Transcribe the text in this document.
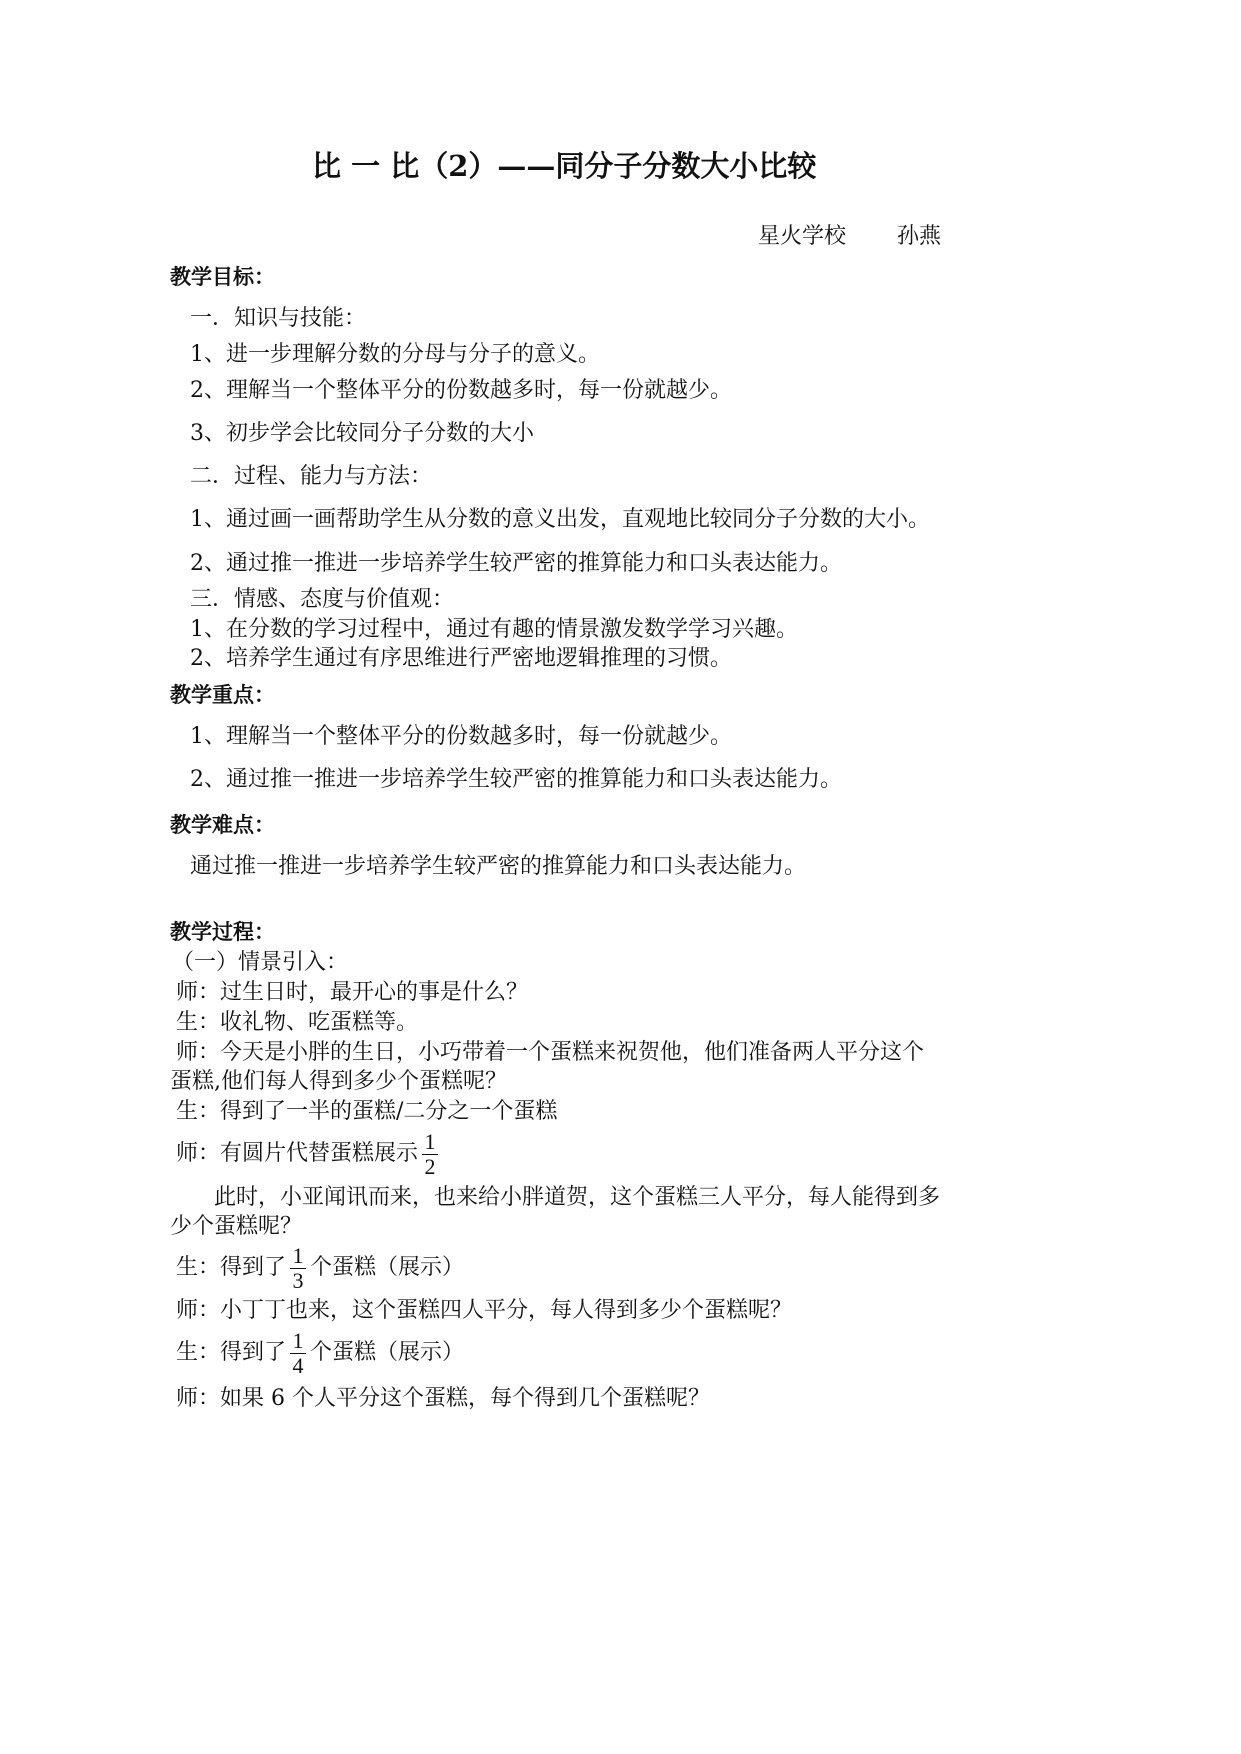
比 一 比（2）——同分子分数大小比较
星火学校 孙燕
教学目标：
一．知识与技能：
1、进一步理解分数的分母与分子的意义。
2、理解当一个整体平分的份数越多时，每一份就越少。
3、初步学会比较同分子分数的大小
二．过程、能力与方法：
1、通过画一画帮助学生从分数的意义出发，直观地比较同分子分数的大小。
2、通过推一推进一步培养学生较严密的推算能力和口头表达能力。
三．情感、态度与价值观：
1、在分数的学习过程中，通过有趣的情景激发数学学习兴趣。
2、培养学生通过有序思维进行严密地逻辑推理的习惯。
教学重点：
1、理解当一个整体平分的份数越多时，每一份就越少。
2、通过推一推进一步培养学生较严密的推算能力和口头表达能力。
教学难点：
通过推一推进一步培养学生较严密的推算能力和口头表达能力。
教学过程：
（一）情景引入：
师：过生日时，最开心的事是什么？
生：收礼物、吃蛋糕等。
师：今天是小胖的生日，小巧带着一个蛋糕来祝贺他，他们准备两人平分这个
蛋糕,他们每人得到多少个蛋糕呢？
生：得到了一半的蛋糕/二分之一个蛋糕
师：有圆片代替蛋糕展示 $\frac{1}{2}$
此时，小亚闻讯而来，也来给小胖道贺，这个蛋糕三人平分，每人能得到多
少个蛋糕呢？
生：得到了 $\frac{1}{3}$ 个蛋糕（展示）
师：小丁丁也来，这个蛋糕四人平分，每人得到多少个蛋糕呢？
生：得到了 $\frac{1}{4}$ 个蛋糕（展示）
师：如果 6 个人平分这个蛋糕，每个得到几个蛋糕呢？
